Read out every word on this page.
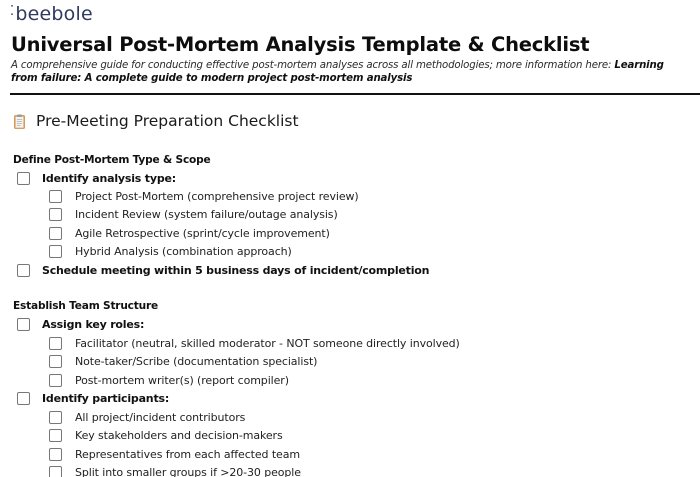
⁚beebole
Universal Post-Mortem Analysis Template & Checklist

A comprehensive guide for conducting effective post-mortem analyses across all methodologies; more information here: Learning from failure: A complete guide to modern project post-mortem analysis

Pre-Meeting Preparation Checklist
Define Post-Mortem Type & Scope
Identify analysis type:
Project Post-Mortem (comprehensive project review)
Incident Review (system failure/outage analysis)
Agile Retrospective (sprint/cycle improvement)
Hybrid Analysis (combination approach)
Schedule meeting within 5 business days of incident/completion
Establish Team Structure
Assign key roles:
Facilitator (neutral, skilled moderator - NOT someone directly involved)
Note-taker/Scribe (documentation specialist)
Post-mortem writer(s) (report compiler)
Identify participants:
All project/incident contributors
Key stakeholders and decision-makers
Representatives from each affected team
Split into smaller groups if >20-30 people
